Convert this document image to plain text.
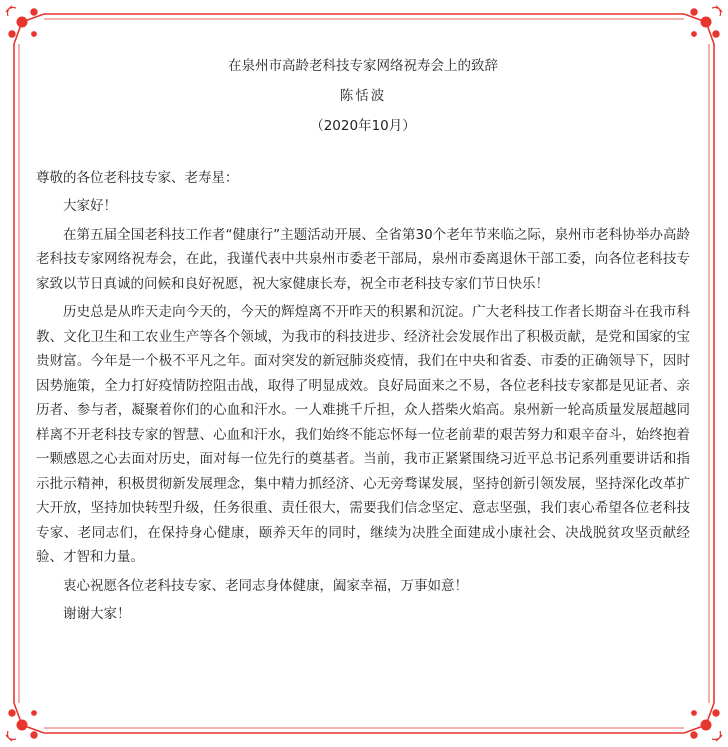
在泉州市高龄老科技专家网络祝寿会上的致辞
陈恬波
（2020年10月）
尊敬的各位老科技专家、老寿星：

大家好！

在第五届全国老科技工作者“健康行”主题活动开展、全省第30个老年节来临之际，泉州市老科协举办高龄老科技专家网络祝寿会，在此，我谨代表中共泉州市委老干部局，泉州市委离退休干部工委，向各位老科技专家致以节日真诚的问候和良好祝愿，祝大家健康长寿，祝全市老科技专家们节日快乐！

历史总是从昨天走向今天的，今天的辉煌离不开昨天的积累和沉淀。广大老科技工作者长期奋斗在我市科教、文化卫生和工农业生产等各个领域，为我市的科技进步、经济社会发展作出了积极贡献，是党和国家的宝贵财富。今年是一个极不平凡之年。面对突发的新冠肺炎疫情，我们在中央和省委、市委的正确领导下，因时因势施策，全力打好疫情防控阻击战，取得了明显成效。良好局面来之不易，各位老科技专家都是见证者、亲历者、参与者，凝聚着你们的心血和汗水。一人难挑千斤担，众人搭柴火焰高。泉州新一轮高质量发展超越同样离不开老科技专家的智慧、心血和汗水，我们始终不能忘怀每一位老前辈的艰苦努力和艰辛奋斗，始终抱着一颗感恩之心去面对历史，面对每一位先行的奠基者。当前，我市正紧紧围绕习近平总书记系列重要讲话和指示批示精神，积极贯彻新发展理念，集中精力抓经济、心无旁骛谋发展，坚持创新引领发展，坚持深化改革扩大开放，坚持加快转型升级，任务很重、责任很大，需要我们信念坚定、意志坚强，我们衷心希望各位老科技专家、老同志们，在保持身心健康，颐养天年的同时，继续为决胜全面建成小康社会、决战脱贫攻坚贡献经验、才智和力量。

衷心祝愿各位老科技专家、老同志身体健康，阖家幸福，万事如意！

谢谢大家！
